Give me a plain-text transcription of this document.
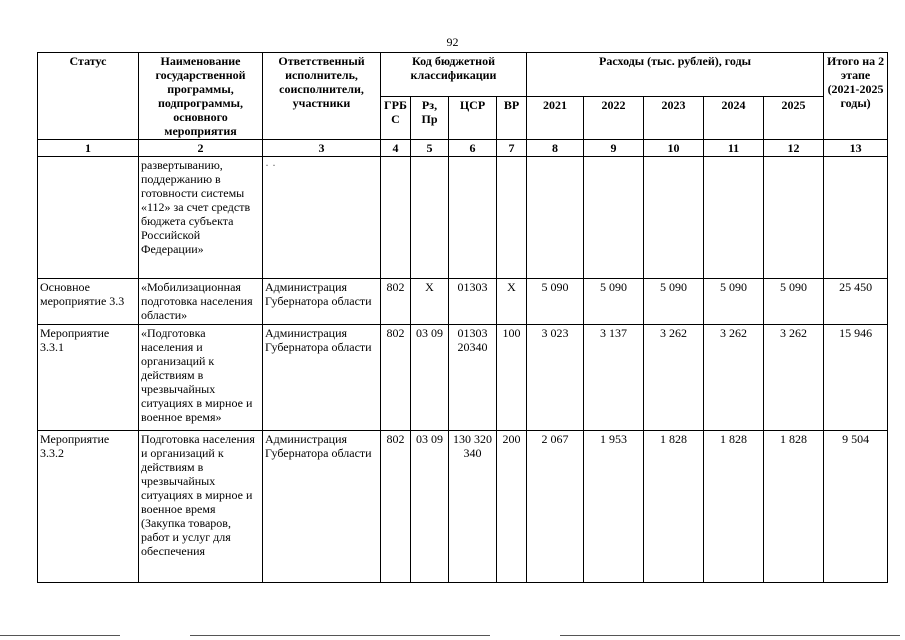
92
Статус	Наименование государственной программы, подпрограммы, основного мероприятия	Ответственный исполнитель, соисполнители, участники	Код бюджетной классификации				Расходы (тыс. рублей), годы					Итого на 2 этапе (2021-2025 годы)
			ГРБ С	Рз, Пр	ЦСР	ВР	2021	2022	2023	2024	2025	
1	2	3	4	5	6	7	8	9	10	11	12	13
	развертыванию, поддержанию в готовности системы «112» за счет средств бюджета субъекта Российской Федерации»	· ·										
Основное мероприятие 3.3	«Мобилизационная подготовка населения области»	Администрация Губернатора области	802	Х	01303	Х	5 090	5 090	5 090	5 090	5 090	25 450
Мероприятие 3.3.1	«Подготовка населения и организаций к действиям в чрезвычайных ситуациях в мирное и военное время»	Администрация Губернатора области	802	03 09	01303 20340	100	3 023	3 137	3 262	3 262	3 262	15 946
Мероприятие 3.3.2	Подготовка населения и организаций к действиям в чрезвычайных ситуациях в мирное и военное время (Закупка товаров, работ и услуг для обеспечения	Администрация Губернатора области	802	03 09	130 320 340	200	2 067	1 953	1 828	1 828	1 828	9 504
